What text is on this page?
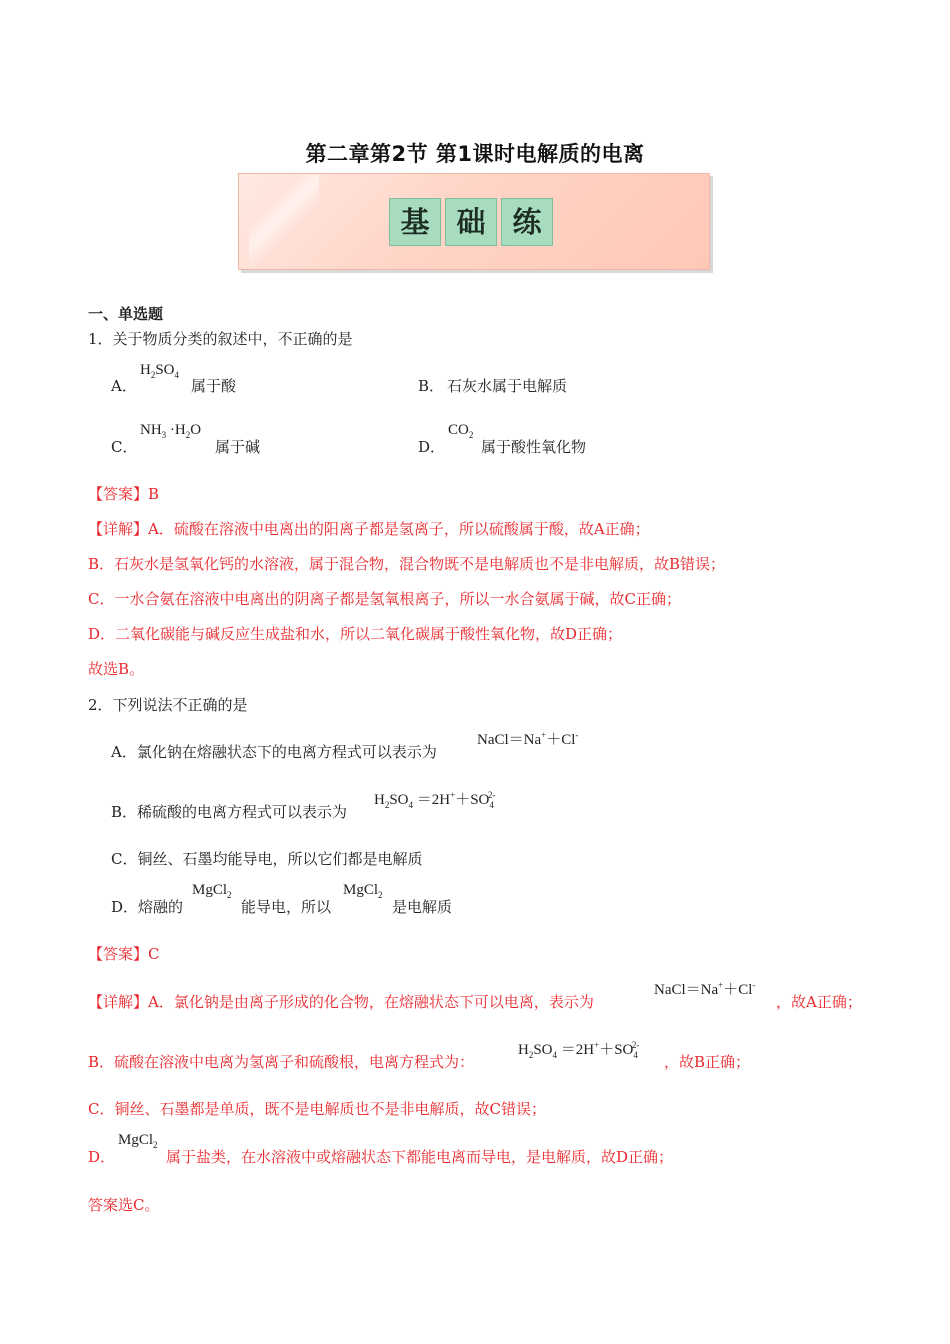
第二章第2节 第1课时电解质的电离
基 础 练
一、单选题
1．关于物质分类的叙述中，不正确的是
A．
$H_2SO_4$
属于酸	B． 石灰水属于电解质
C．
$NH_3 \cdot H_2O$
属于碱	D．
$CO_2$
属于酸性氧化物
【答案】B
【详解】A．硫酸在溶液中电离出的阳离子都是氢离子，所以硫酸属于酸，故A正确；
B．石灰水是氢氧化钙的水溶液，属于混合物，混合物既不是电解质也不是非电解质，故B错误；
C．一水合氨在溶液中电离出的阴离子都是氢氧根离子，所以一水合氨属于碱，故C正确；
D．二氧化碳能与碱反应生成盐和水，所以二氧化碳属于酸性氧化物，故D正确；
故选B。
2．下列说法不正确的是
A．氯化钠在熔融状态下的电离方程式可以表示为
NaCl＝Na+＋Cl-
B．稀硫酸的电离方程式可以表示为
$H_2SO_4 =2H^++SO_4^{2-}$
C．铜丝、石墨均能导电，所以它们都是电解质
D．熔融的
MgCl$_2$
能导电，所以
MgCl$_2$
是电解质
【答案】C
【详解】A．氯化钠是由离子形成的化合物，在熔融状态下可以电离，表示为
NaCl＝Na+＋Cl-
，故A正确；
B．硫酸在溶液中电离为氢离子和硫酸根，电离方程式为：
$H_2SO_4 =2H^++SO_4^{2-}$
，故B正确；
C．铜丝、石墨都是单质，既不是电解质也不是非电解质，故C错误；
D．
MgCl$_2$
属于盐类，在水溶液中或熔融状态下都能电离而导电，是电解质，故D正确；
答案选C。
